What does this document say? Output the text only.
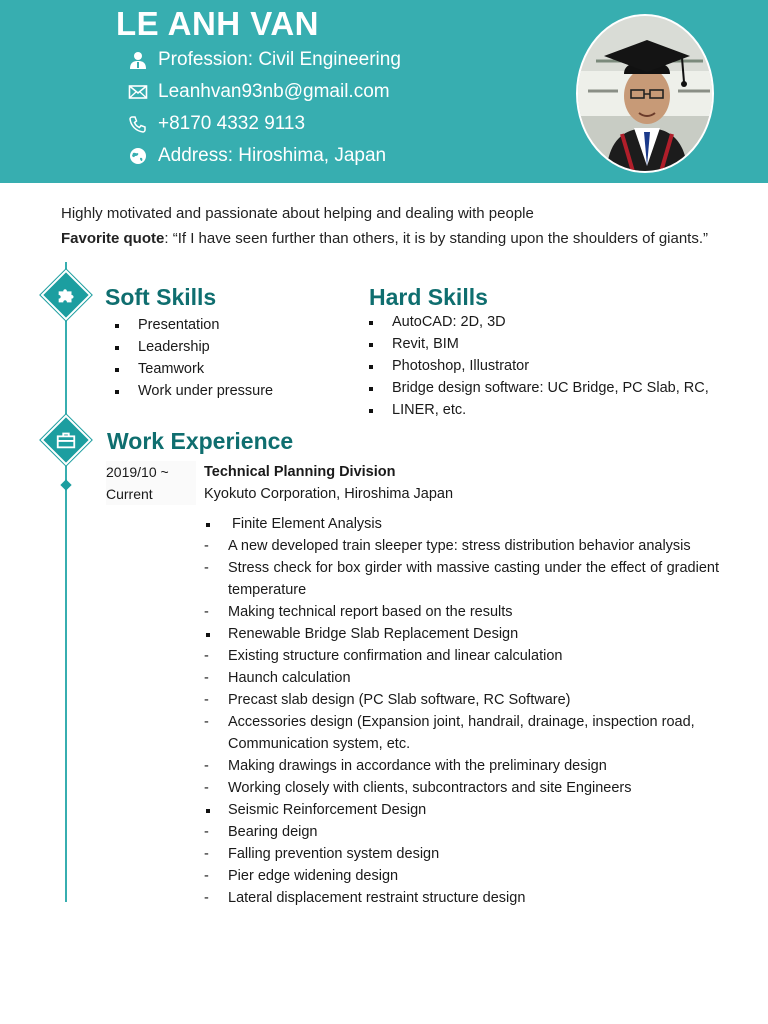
LE ANH VAN
Profession: Civil Engineering
Leanhvan93nb@gmail.com
+8170 4332 9113
Address: Hiroshima, Japan
Highly motivated and passionate about helping and dealing with people
Favorite quote: “If I have seen further than others, it is by standing upon the shoulders of giants.”
Soft Skills
Presentation
Leadership
Teamwork
Work under pressure
Hard Skills
AutoCAD: 2D, 3D
Revit, BIM
Photoshop, Illustrator
Bridge design software: UC Bridge, PC Slab, RC,
LINER, etc.
Work Experience
2019/10 ~
Current
Technical Planning Division
Kyokuto Corporation, Hiroshima Japan
Finite Element Analysis
-	A new developed train sleeper type: stress distribution behavior analysis
-	Stress check for box girder with massive casting under the effect of gradient temperature
-	Making technical report based on the results
Renewable Bridge Slab Replacement Design
-	Existing structure confirmation and linear calculation
-	Haunch calculation
-	Precast slab design (PC Slab software, RC Software)
-	Accessories design (Expansion joint, handrail, drainage, inspection road, Communication system, etc.
-	Making drawings in accordance with the preliminary design
-	Working closely with clients, subcontractors and site Engineers
Seismic Reinforcement Design
-	Bearing deign
-	Falling prevention system design
-	Pier edge widening design
-	Lateral displacement restraint structure design
